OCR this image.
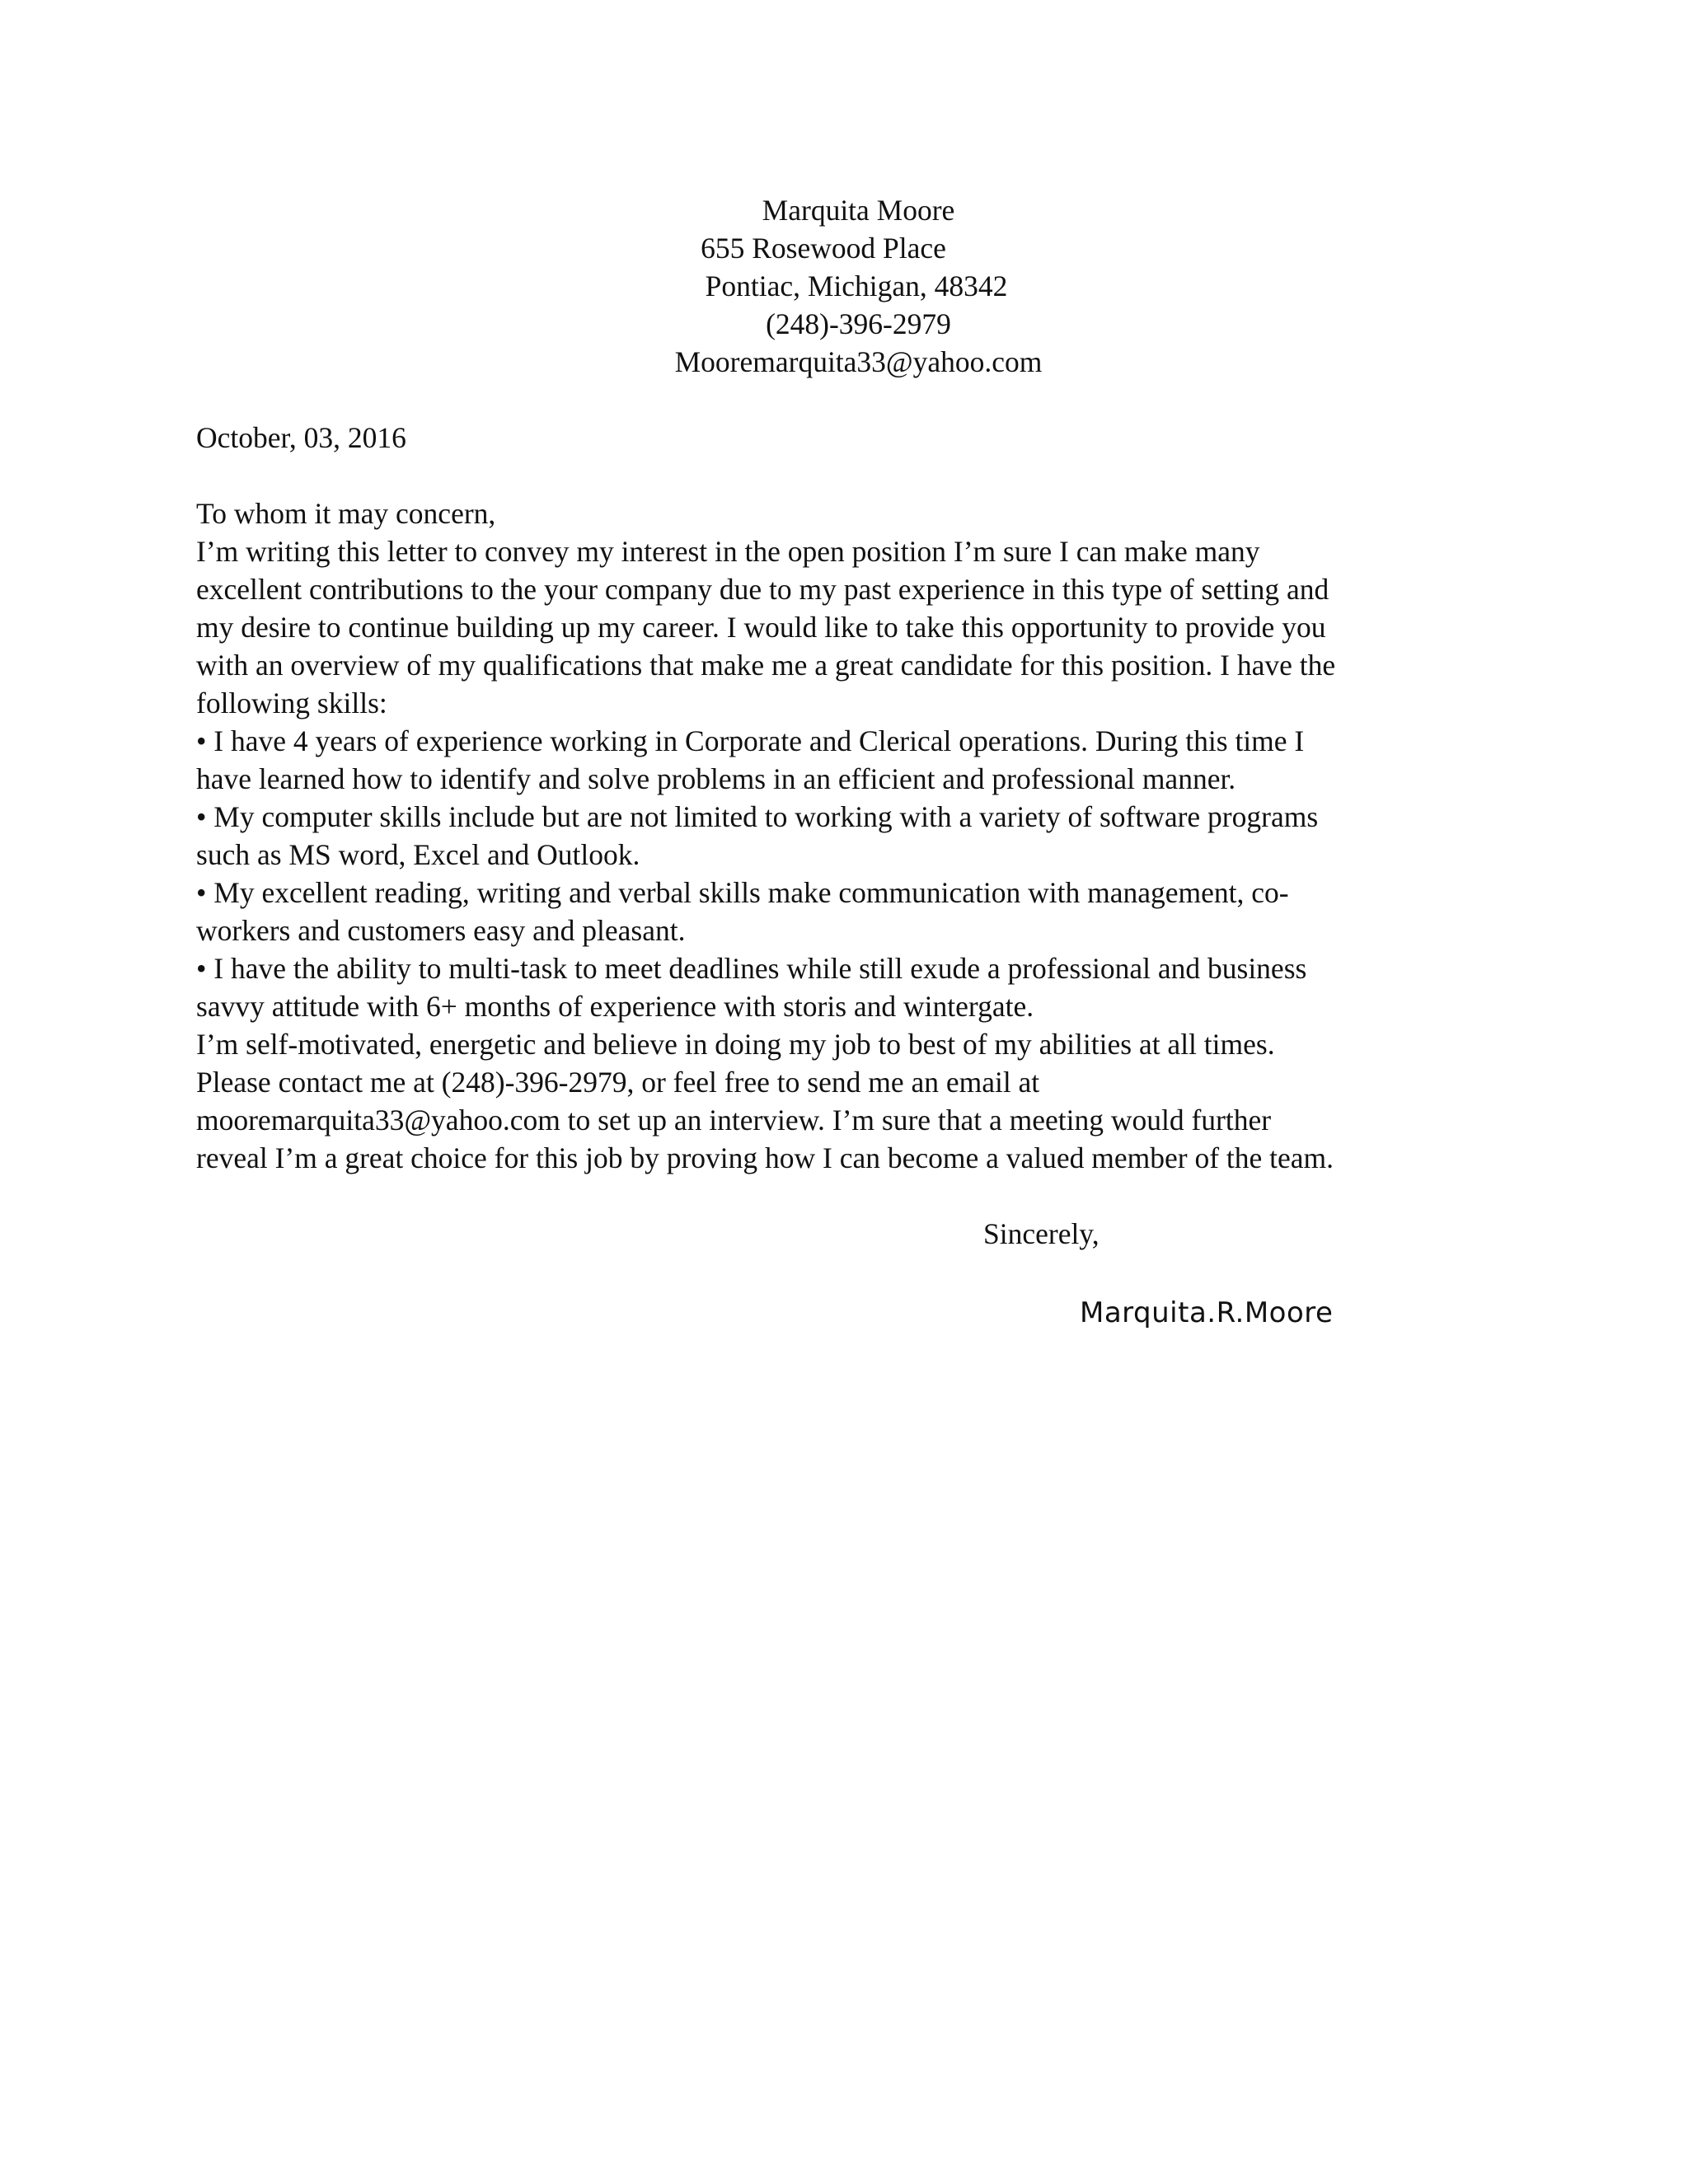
Marquita Moore
655 Rosewood Place
Pontiac, Michigan, 48342
(248)-396-2979
Mooremarquita33@yahoo.com
October, 03, 2016
To whom it may concern,
I’m writing this letter to convey my interest in the open position I’m sure I can make many
excellent contributions to the your company due to my past experience in this type of setting and
my desire to continue building up my career. I would like to take this opportunity to provide you
with an overview of my qualifications that make me a great candidate for this position. I have the
following skills:
• I have 4 years of experience working in Corporate and Clerical operations. During this time I
have learned how to identify and solve problems in an efficient and professional manner.
• My computer skills include but are not limited to working with a variety of software programs
such as MS word, Excel and Outlook.
• My excellent reading, writing and verbal skills make communication with management, co-
workers and customers easy and pleasant.
• I have the ability to multi-task to meet deadlines while still exude a professional and business
savvy attitude with 6+ months of experience with storis and wintergate.
I’m self-motivated, energetic and believe in doing my job to best of my abilities at all times.
Please contact me at (248)-396-2979, or feel free to send me an email at
mooremarquita33@yahoo.com to set up an interview. I’m sure that a meeting would further
reveal I’m a great choice for this job by proving how I can become a valued member of the team.
Sincerely,
Marquita.R.Moore
